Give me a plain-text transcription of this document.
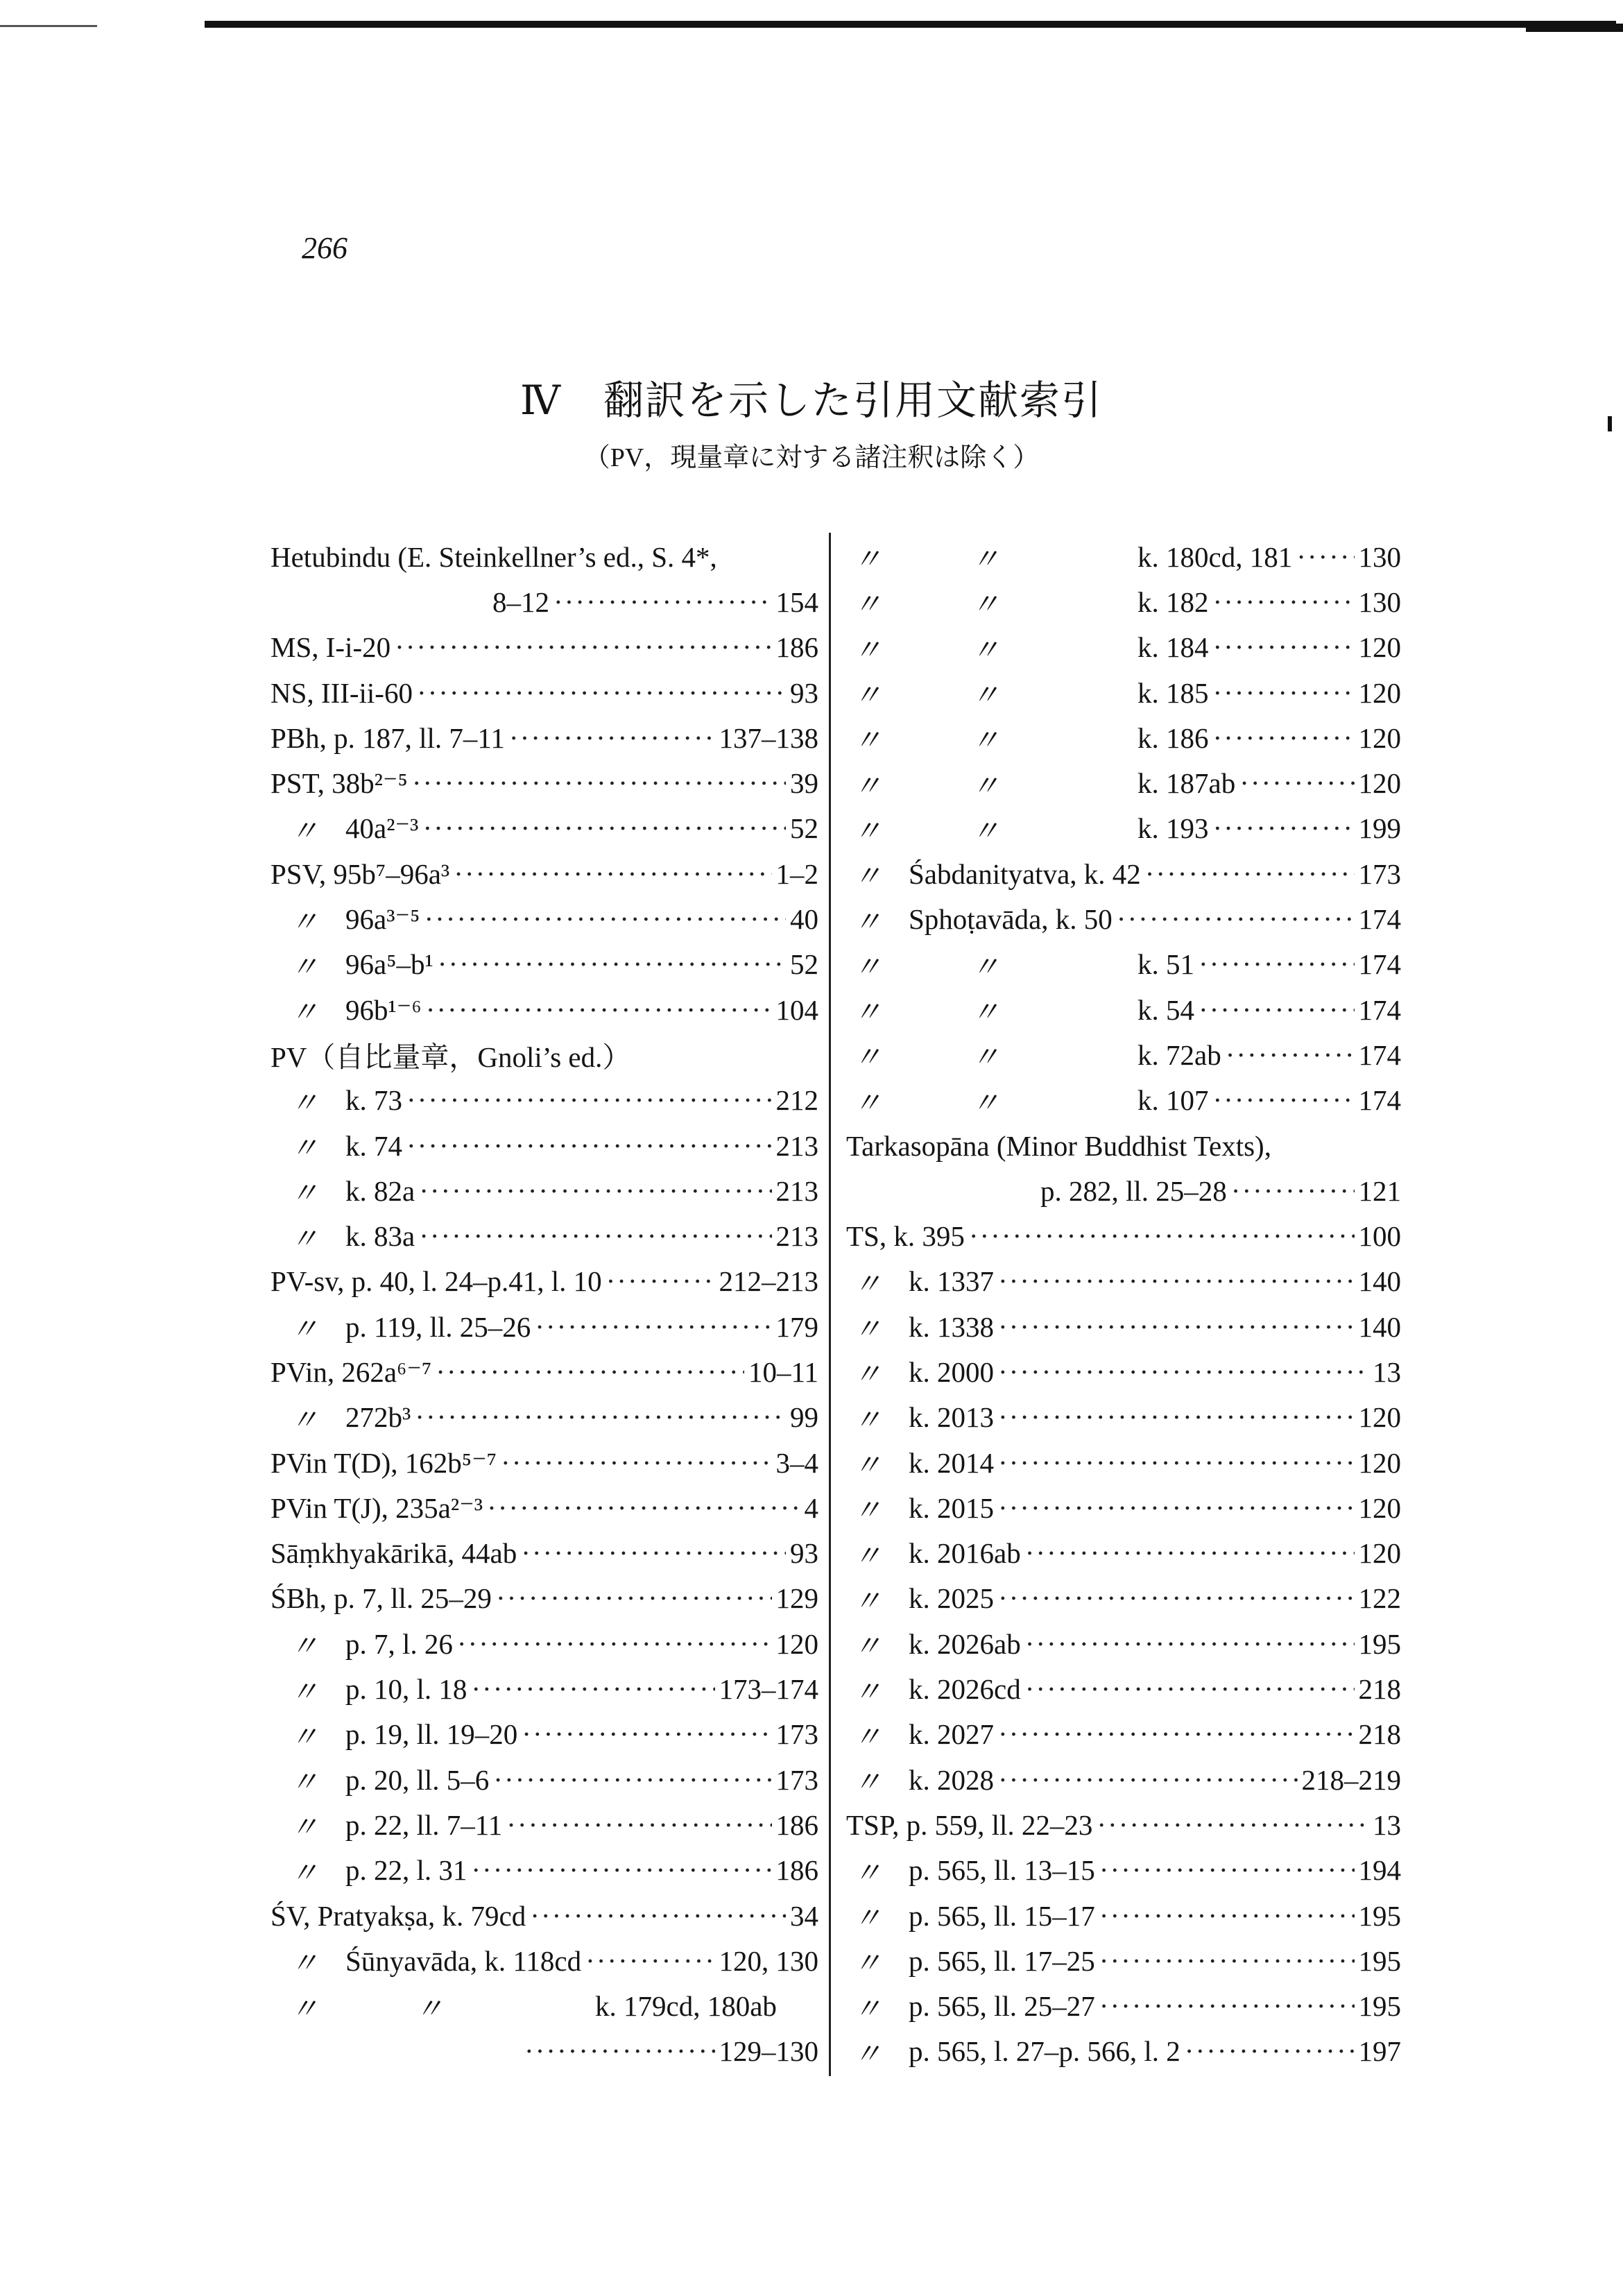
266
Ⅳ　翻訳を示した引用文献索引
（PV，現量章に対する諸注釈は除く）
Hetubindu (E. Steinkellner’s ed., S. 4*,
8–12 ·····	154
MS, I-i-20 ·····	186
NS, III-ii-60 ·····	93
PBh, p. 187, ll. 7–11 ·····	137–138
PST, 38b²⁻⁵ ·····	39
〃 40a²⁻³ ·····	52
PSV, 95b⁷–96a³ ·····	1–2
〃 96a³⁻⁵ ·····	40
〃 96a⁵–b¹ ·····	52
〃 96b¹⁻⁶ ·····	104
PV（自比量章，Gnoli’s ed.）
〃 k. 73 ·····	212
〃 k. 74 ·····	213
〃 k. 82a ·····	213
〃 k. 83a ·····	213
PV-sv, p. 40, l. 24–p.41, l. 10 ·····	212–213
〃 p. 119, ll. 25–26 ·····	179
PVin, 262a⁶⁻⁷ ·····	10–11
〃 272b³ ·····	99
PVin T(D), 162b⁵⁻⁷ ·····	3–4
PVin T(J), 235a²⁻³ ·····	4
Sāṃkhyakārikā, 44ab ·····	93
ŚBh, p. 7, ll. 25–29 ·····	129
〃 p. 7, l. 26 ·····	120
〃 p. 10, l. 18 ·····	173–174
〃 p. 19, ll. 19–20 ·····	173
〃 p. 20, ll. 5–6 ·····	173
〃 p. 22, ll. 7–11 ·····	186
〃 p. 22, l. 31 ·····	186
ŚV, Pratyakṣa, k. 79cd ·····	34
〃 Śūnyavāda, k. 118cd ·····	120, 130
〃	〃	k. 179cd, 180ab
·····
129–130
〃	〃	k. 180cd, 181 ····· 130
〃	〃	k. 182 ·····	130
〃	〃	k. 184 ·····	120
〃	〃	k. 185 ·····	120
〃	〃	k. 186 ·····	120
〃	〃	k. 187ab ·····	120
〃	〃	k. 193 ·····	199
〃 Śabdanityatva, k. 42 ·····	173
〃 Sphoṭavāda, k. 50 ·····	174
〃	〃	k. 51 ·····	174
〃	〃	k. 54 ·····	174
〃	〃	k. 72ab ·····	174
〃	〃	k. 107 ·····	174
Tarkasopāna (Minor Buddhist Texts),
p. 282, ll. 25–28 ·····	121
TS, k. 395 ·····	100
〃 k. 1337 ·····	140
〃 k. 1338 ·····	140
〃 k. 2000 ·····	13
〃 k. 2013 ·····	120
〃 k. 2014 ·····	120
〃 k. 2015 ·····	120
〃 k. 2016ab ·····	120
〃 k. 2025 ·····	122
〃 k. 2026ab ·····	195
〃 k. 2026cd ·····	218
〃 k. 2027 ·····	218
〃 k. 2028 ·····	218–219
TSP, p. 559, ll. 22–23 ·····	13
〃 p. 565, ll. 13–15 ·····	194
〃 p. 565, ll. 15–17 ·····	195
〃 p. 565, ll. 17–25 ·····	195
〃 p. 565, ll. 25–27 ·····	195
〃 p. 565, l. 27–p. 566, l. 2 ·····	197
